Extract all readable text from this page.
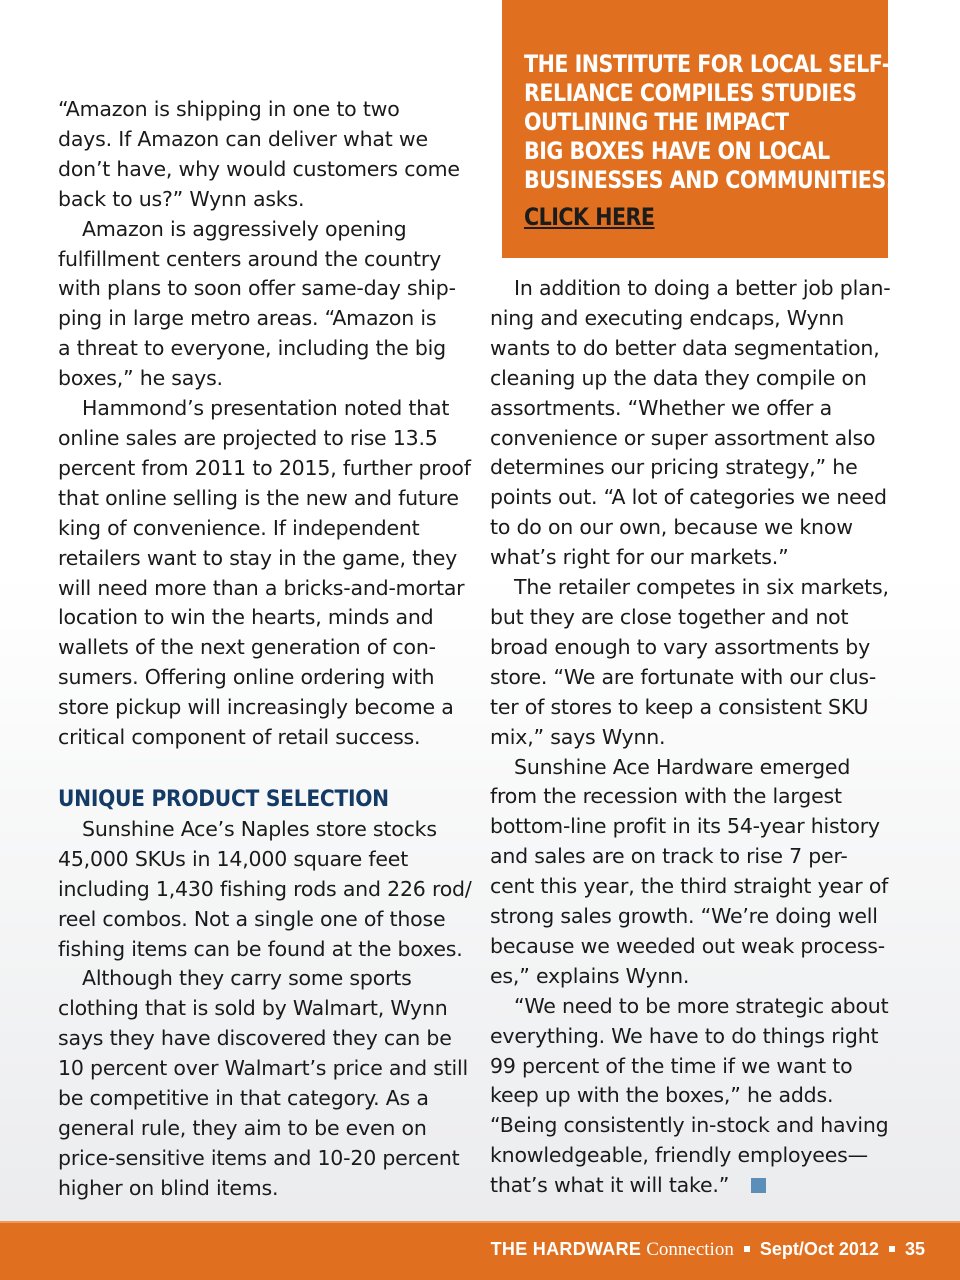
THE INSTITUTE FOR LOCAL SELF-
RELIANCE COMPILES STUDIES
OUTLINING THE IMPACT
BIG BOXES HAVE ON LOCAL
BUSINESSES AND COMMUNITIES.
CLICK HERE

“Amazon is shipping in one to two
days. If Amazon can deliver what we
don’t have, why would customers come
back to us?” Wynn asks.

Amazon is aggressively opening
fulfillment centers around the country
with plans to soon offer same-day ship-
ping in large metro areas. “Amazon is
a threat to everyone, including the big
boxes,” he says.

Hammond’s presentation noted that
online sales are projected to rise 13.5
percent from 2011 to 2015, further proof
that online selling is the new and future
king of convenience. If independent
retailers want to stay in the game, they
will need more than a bricks-and-mortar
location to win the hearts, minds and
wallets of the next generation of con-
sumers. Offering online ordering with
store pickup will increasingly become a
critical component of retail success.

UNIQUE PRODUCT SELECTION

Sunshine Ace’s Naples store stocks
45,000 SKUs in 14,000 square feet
including 1,430 fishing rods and 226 rod/
reel combos. Not a single one of those
fishing items can be found at the boxes.

Although they carry some sports
clothing that is sold by Walmart, Wynn
says they have discovered they can be
10 percent over Walmart’s price and still
be competitive in that category. As a
general rule, they aim to be even on
price-sensitive items and 10-20 percent
higher on blind items.

In addition to doing a better job plan-
ning and executing endcaps, Wynn
wants to do better data segmentation,
cleaning up the data they compile on
assortments. “Whether we offer a
convenience or super assortment also
determines our pricing strategy,” he
points out. “A lot of categories we need
to do on our own, because we know
what’s right for our markets.”

The retailer competes in six markets,
but they are close together and not
broad enough to vary assortments by
store. “We are fortunate with our clus-
ter of stores to keep a consistent SKU
mix,” says Wynn.

Sunshine Ace Hardware emerged
from the recession with the largest
bottom-line profit in its 54-year history
and sales are on track to rise 7 per-
cent this year, the third straight year of
strong sales growth. “We’re doing well
because we weeded out weak process-
es,” explains Wynn.

“We need to be more strategic about
everything. We have to do things right
99 percent of the time if we want to
keep up with the boxes,” he adds.
“Being consistently in-stock and having
knowledgeable, friendly employees—
that’s what it will take.”

THE HARDWARE Connection Sept/Oct 2012 35
